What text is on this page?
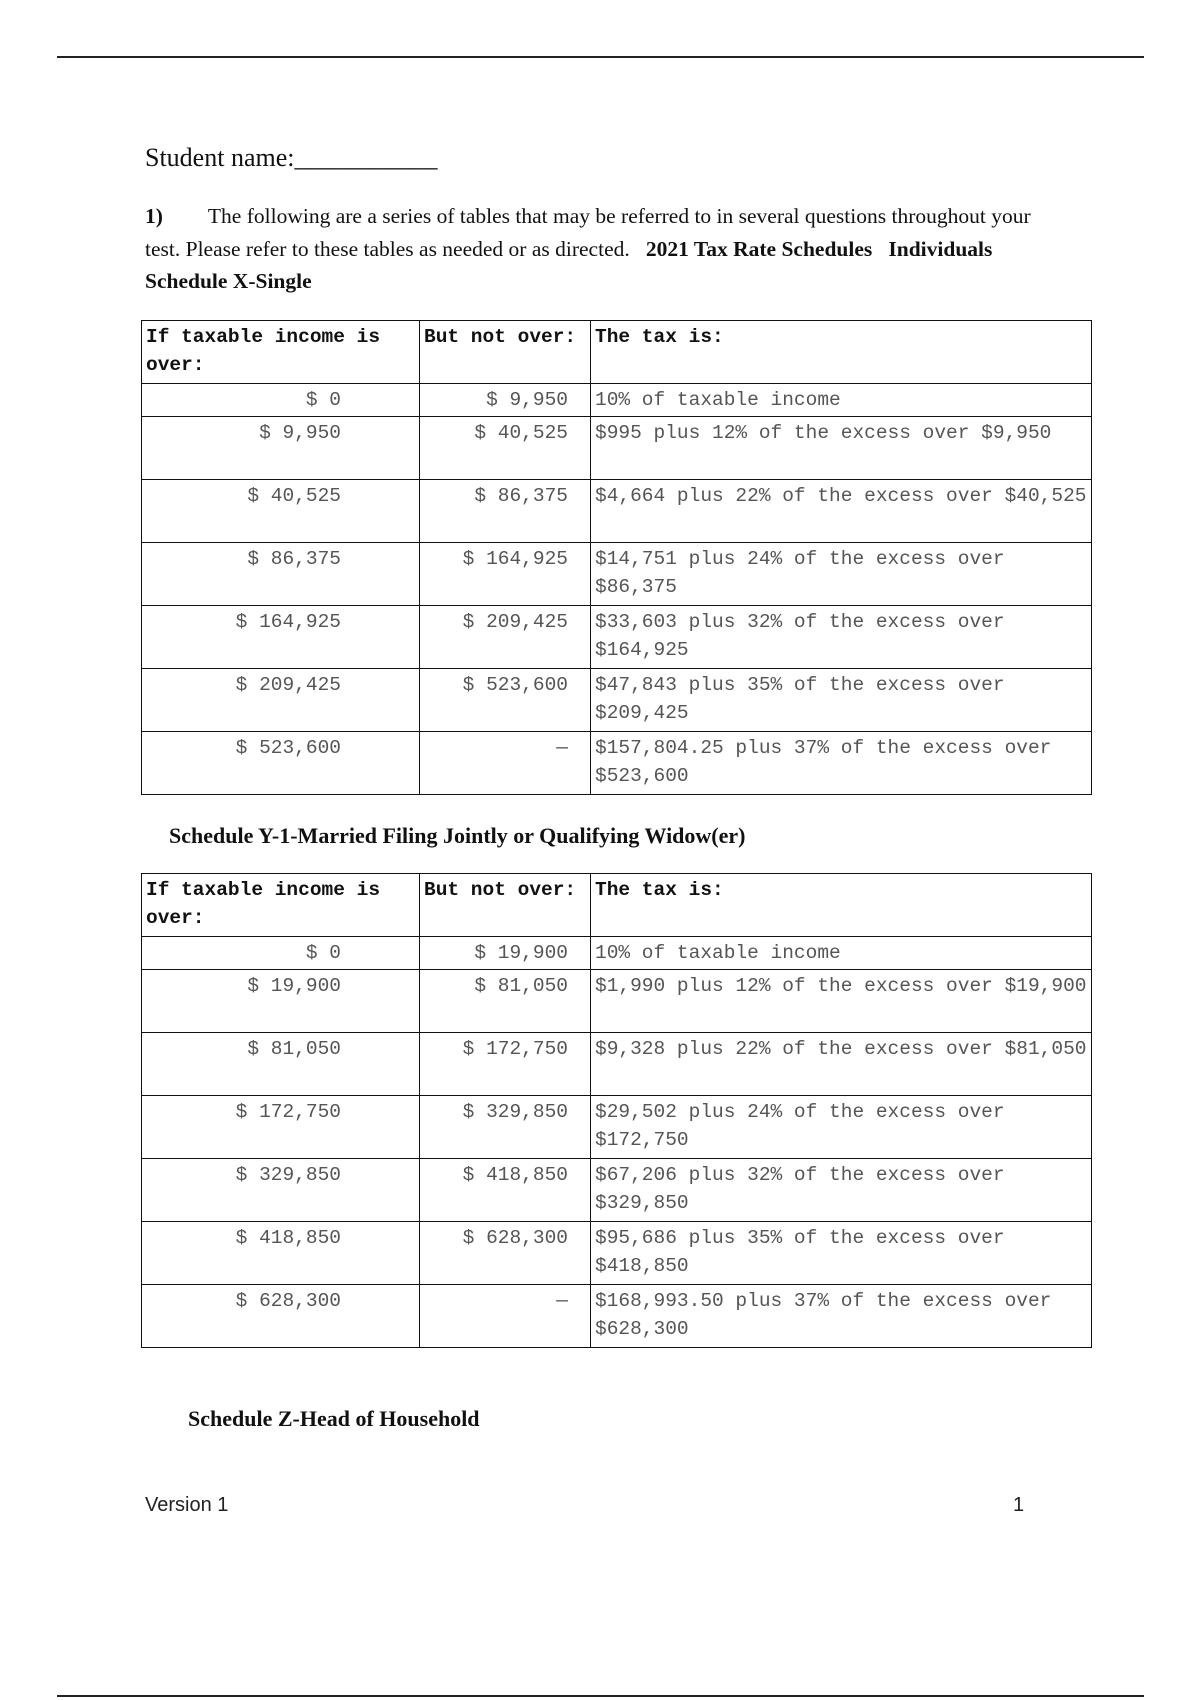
Student name:___________
1) The following are a series of tables that may be referred to in several questions throughout your test. Please refer to these tables as needed or as directed. 2021 Tax Rate Schedules Individuals       Schedule X-Single
If taxable income is over:	But not over:	The tax is:
$ 0	$ 9,950	10% of taxable income
$ 9,950	$ 40,525	$995 plus 12% of the excess over $9,950
$ 40,525	$ 86,375	$4,664 plus 22% of the excess over $40,525
$ 86,375	$ 164,925	$14,751 plus 24% of the excess over $86,375
$ 164,925	$ 209,425	$33,603 plus 32% of the excess over $164,925
$ 209,425	$ 523,600	$47,843 plus 35% of the excess over $209,425
$ 523,600	—	$157,804.25 plus 37% of the excess over $523,600
Schedule Y-1-Married Filing Jointly or Qualifying Widow(er)
If taxable income is over:	But not over:	The tax is:
$ 0	$ 19,900	10% of taxable income
$ 19,900	$ 81,050	$1,990 plus 12% of the excess over $19,900
$ 81,050	$ 172,750	$9,328 plus 22% of the excess over $81,050
$ 172,750	$ 329,850	$29,502 plus 24% of the excess over $172,750
$ 329,850	$ 418,850	$67,206 plus 32% of the excess over $329,850
$ 418,850	$ 628,300	$95,686 plus 35% of the excess over $418,850
$ 628,300	—	$168,993.50 plus 37% of the excess over $628,300
Schedule Z-Head of Household
Version 1	1
